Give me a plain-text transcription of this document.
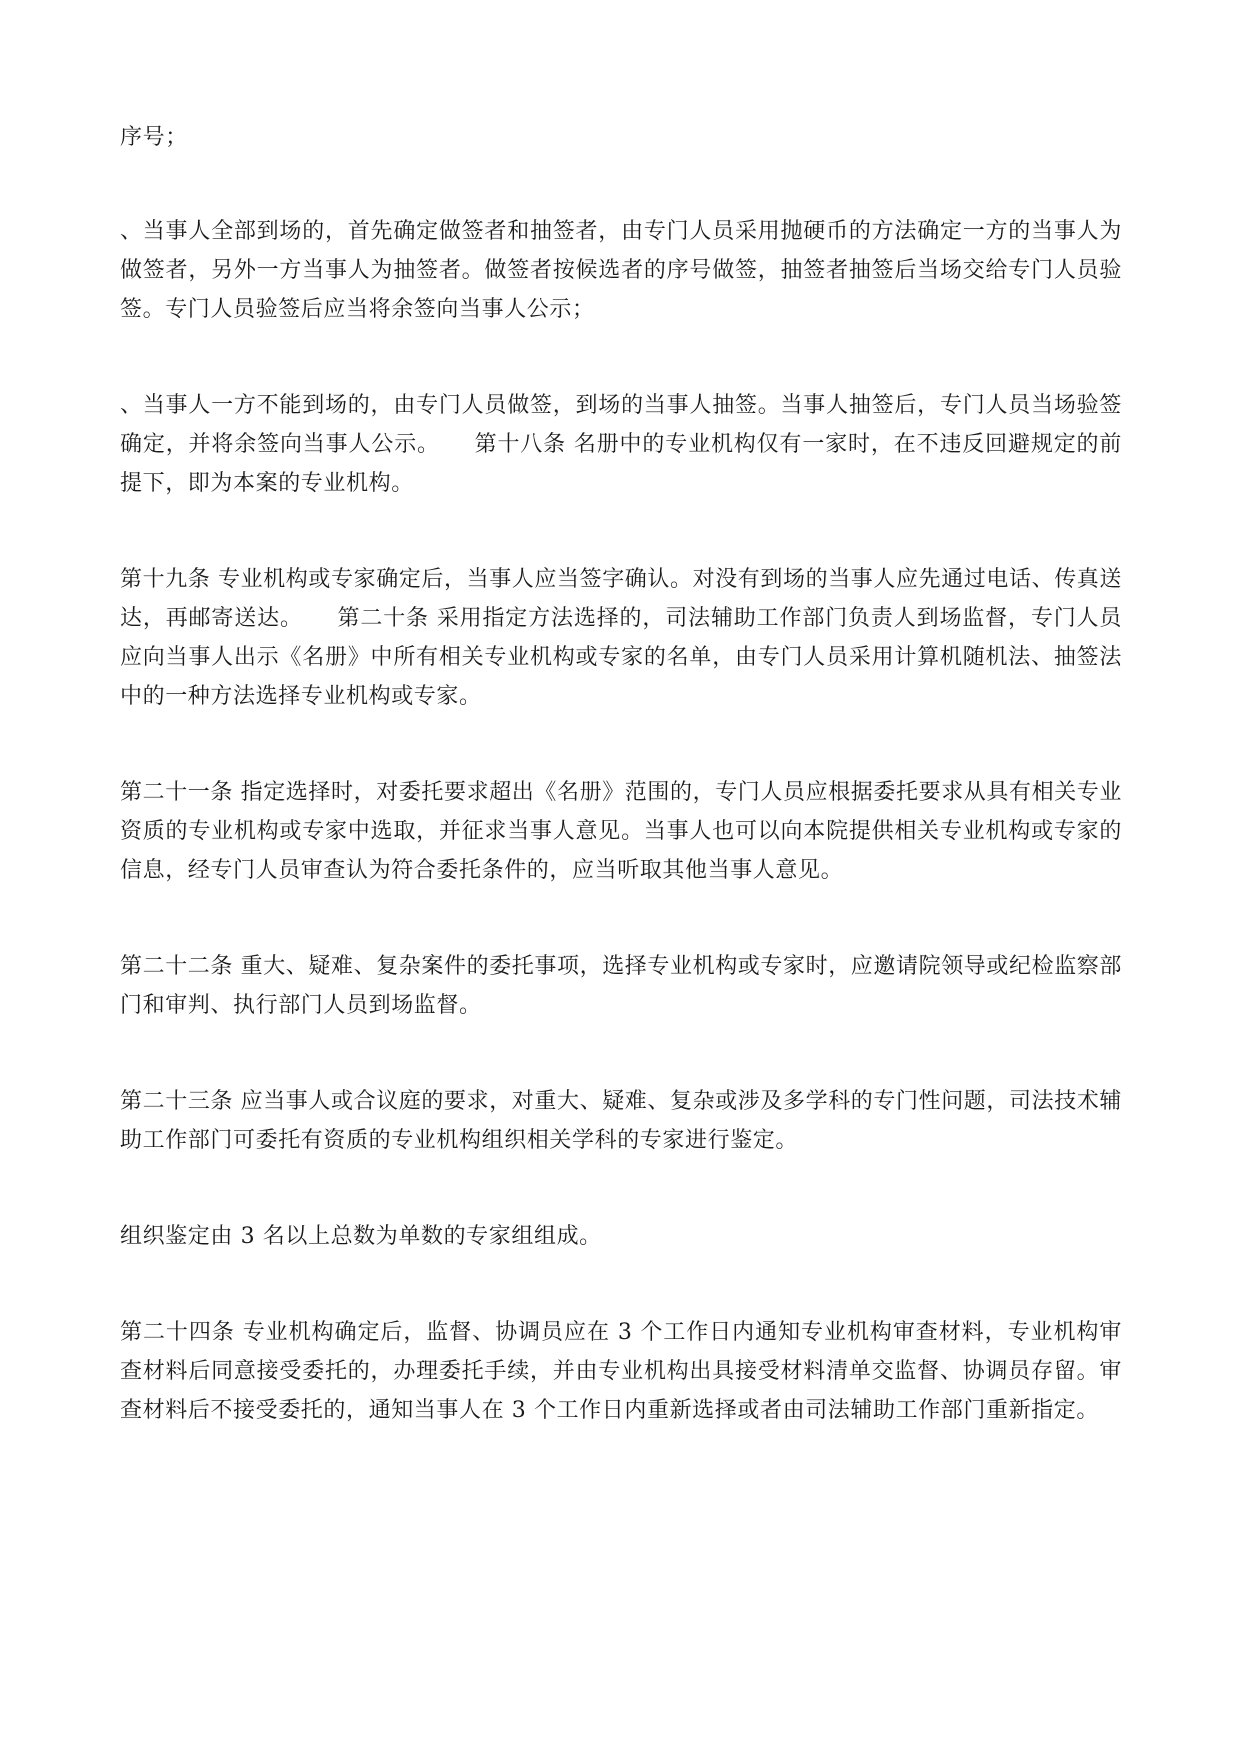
序号；

、当事人全部到场的，首先确定做签者和抽签者，由专门人员采用抛硬币的方法确定一方的当事人为做签者，另外一方当事人为抽签者。做签者按候选者的序号做签，抽签者抽签后当场交给专门人员验签。专门人员验签后应当将余签向当事人公示；

、当事人一方不能到场的，由专门人员做签，到场的当事人抽签。当事人抽签后，专门人员当场验签确定，并将余签向当事人公示。　　第十八条 名册中的专业机构仅有一家时，在不违反回避规定的前提下，即为本案的专业机构。

第十九条 专业机构或专家确定后，当事人应当签字确认。对没有到场的当事人应先通过电话、传真送达，再邮寄送达。　　第二十条 采用指定方法选择的，司法辅助工作部门负责人到场监督，专门人员应向当事人出示《名册》中所有相关专业机构或专家的名单，由专门人员采用计算机随机法、抽签法中的一种方法选择专业机构或专家。

第二十一条 指定选择时，对委托要求超出《名册》范围的，专门人员应根据委托要求从具有相关专业资质的专业机构或专家中选取，并征求当事人意见。当事人也可以向本院提供相关专业机构或专家的信息，经专门人员审查认为符合委托条件的，应当听取其他当事人意见。

第二十二条 重大、疑难、复杂案件的委托事项，选择专业机构或专家时，应邀请院领导或纪检监察部门和审判、执行部门人员到场监督。

第二十三条 应当事人或合议庭的要求，对重大、疑难、复杂或涉及多学科的专门性问题，司法技术辅助工作部门可委托有资质的专业机构组织相关学科的专家进行鉴定。

组织鉴定由 3 名以上总数为单数的专家组组成。

第二十四条 专业机构确定后，监督、协调员应在 3 个工作日内通知专业机构审查材料，专业机构审查材料后同意接受委托的，办理委托手续，并由专业机构出具接受材料清单交监督、协调员存留。审查材料后不接受委托的，通知当事人在 3 个工作日内重新选择或者由司法辅助工作部门重新指定。
